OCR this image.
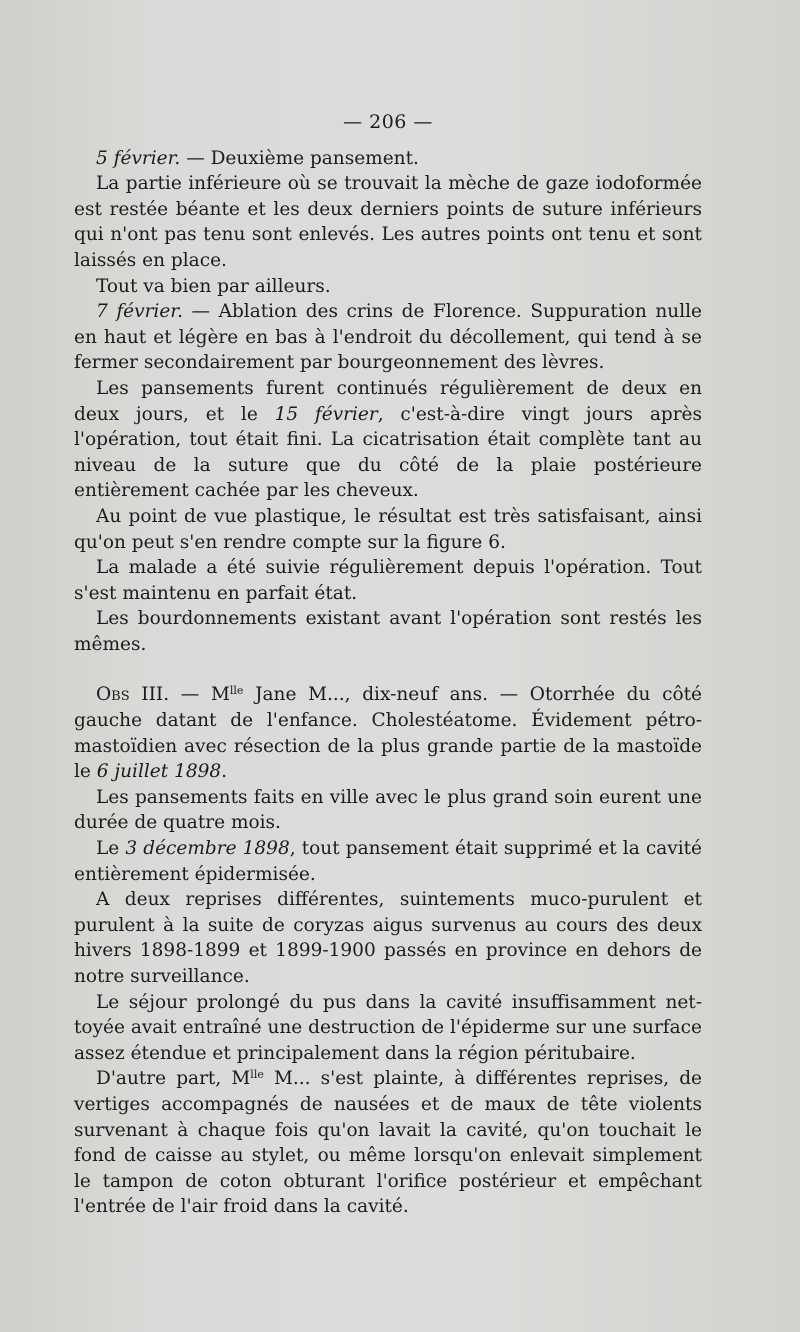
— 206 —

5 février. — Deuxième pansement.

La partie inférieure où se trouvait la mèche de gaze iodoformée est restée béante et les deux derniers points de suture inférieurs qui n'ont pas tenu sont enlevés. Les autres points ont tenu et sont laissés en place.

Tout va bien par ailleurs.

7 février. — Ablation des crins de Florence. Suppuration nulle en haut et légère en bas à l'endroit du décollement, qui tend à se fermer secondairement par bourgeonnement des lèvres.

Les pansements furent continués régulièrement de deux en deux jours, et le 15 février, c'est-à-dire vingt jours après l'opération, tout était fini. La cicatrisation était complète tant au niveau de la suture que du côté de la plaie postérieure entièrement cachée par les cheveux.

Au point de vue plastique, le résultat est très satisfaisant, ainsi qu'on peut s'en rendre compte sur la figure 6.

La malade a été suivie régulièrement depuis l'opération. Tout s'est maintenu en parfait état.

Les bourdonnements existant avant l'opération sont restés les mêmes.

Obs III. — $M^{lle}$ Jane M..., dix-neuf ans. — Otorrhée du côté gauche datant de l'enfance. Cholestéatome. Évidement pétro-mastoïdien avec résection de la plus grande partie de la mastoïde le 6 juillet 1898.

Les pansements faits en ville avec le plus grand soin eurent une durée de quatre mois.

Le 3 décembre 1898, tout pansement était supprimé et la cavité entièrement épidermisée.

A deux reprises différentes, suintements muco-purulent et purulent à la suite de coryzas aigus survenus au cours des deux hivers 1898-1899 et 1899-1900 passés en province en dehors de notre surveillance.

Le séjour prolongé du pus dans la cavité insuffisamment net-toyée avait entraîné une destruction de l'épiderme sur une surface assez étendue et principalement dans la région péritubaire.

D'autre part, $M^{lle}$ M... s'est plainte, à différentes reprises, de vertiges accompagnés de nausées et de maux de tête violents survenant à chaque fois qu'on lavait la cavité, qu'on touchait le fond de caisse au stylet, ou même lorsqu'on enlevait simplement le tampon de coton obturant l'orifice postérieur et empêchant l'entrée de l'air froid dans la cavité.
